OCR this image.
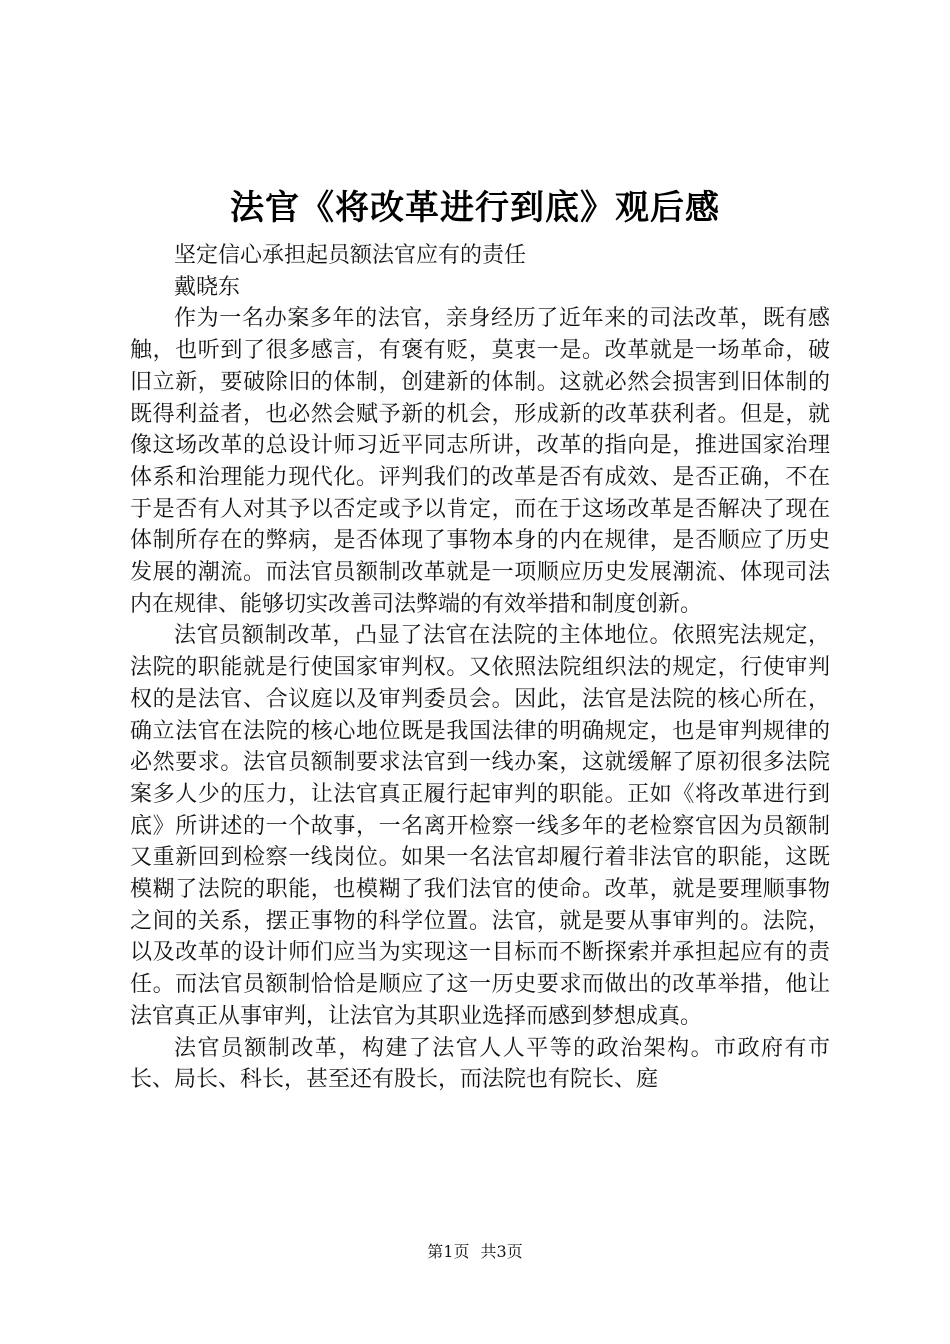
法官《将改革进行到底》观后感

坚定信心承担起员额法官应有的责任

戴晓东

作为一名办案多年的法官，亲身经历了近年来的司法改革，既有感触，也听到了很多感言，有褒有贬，莫衷一是。改革就是一场革命，破旧立新，要破除旧的体制，创建新的体制。这就必然会损害到旧体制的既得利益者，也必然会赋予新的机会，形成新的改革获利者。但是，就像这场改革的总设计师习近平同志所讲，改革的指向是，推进国家治理体系和治理能力现代化。评判我们的改革是否有成效、是否正确，不在于是否有人对其予以否定或予以肯定，而在于这场改革是否解决了现在体制所存在的弊病，是否体现了事物本身的内在规律，是否顺应了历史发展的潮流。而法官员额制改革就是一项顺应历史发展潮流、体现司法内在规律、能够切实改善司法弊端的有效举措和制度创新。

法官员额制改革，凸显了法官在法院的主体地位。依照宪法规定，法院的职能就是行使国家审判权。又依照法院组织法的规定，行使审判权的是法官、合议庭以及审判委员会。因此，法官是法院的核心所在，确立法官在法院的核心地位既是我国法律的明确规定，也是审判规律的必然要求。法官员额制要求法官到一线办案，这就缓解了原初很多法院案多人少的压力，让法官真正履行起审判的职能。正如《将改革进行到底》所讲述的一个故事，一名离开检察一线多年的老检察官因为员额制又重新回到检察一线岗位。如果一名法官却履行着非法官的职能，这既模糊了法院的职能，也模糊了我们法官的使命。改革，就是要理顺事物之间的关系，摆正事物的科学位置。法官，就是要从事审判的。法院，以及改革的设计师们应当为实现这一目标而不断探索并承担起应有的责任。而法官员额制恰恰是顺应了这一历史要求而做出的改革举措，他让法官真正从事审判，让法官为其职业选择而感到梦想成真。

法官员额制改革，构建了法官人人平等的政治架构。市政府有市长、局长、科长，甚至还有股长，而法院也有院长、庭

第1页 共3页
